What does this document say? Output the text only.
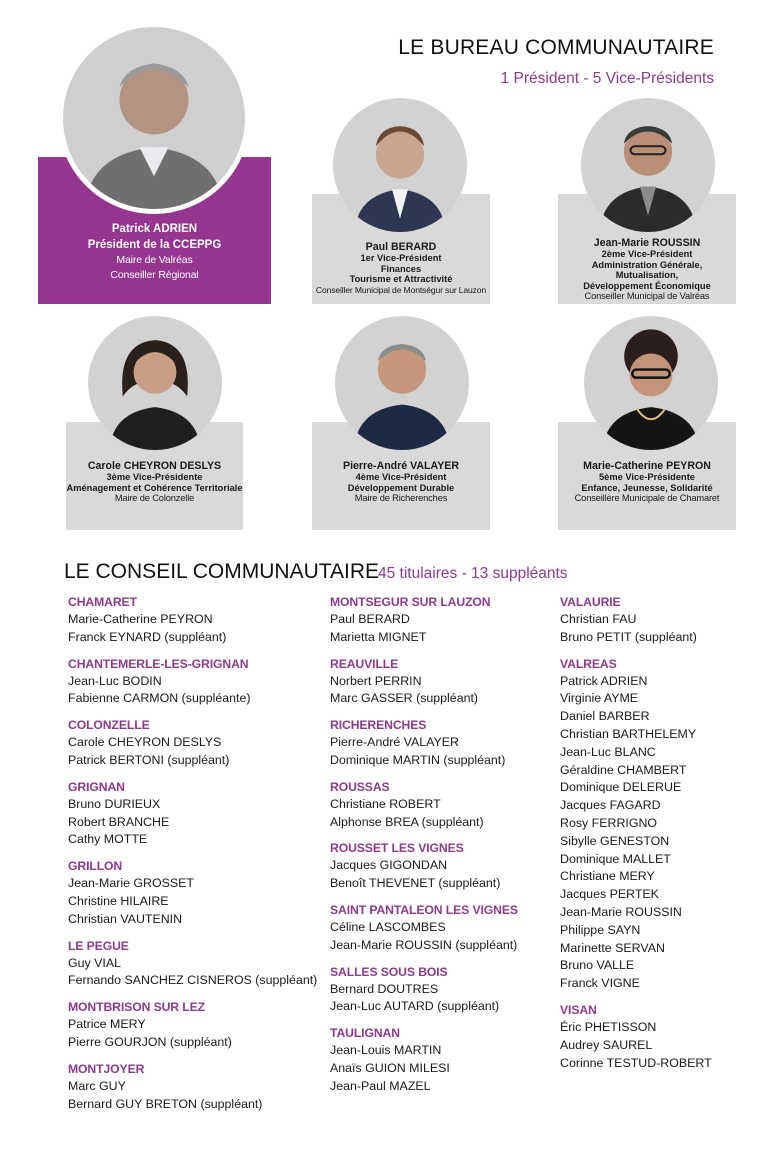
LE BUREAU COMMUNAUTAIRE
1 Président - 5 Vice-Présidents
Patrick ADRIEN
Président de la CCEPPG
Maire de Valréas
Conseiller Régional
Paul BERARD
1er Vice-Président
Finances
Tourisme et Attractivité
Conseiller Municipal de Montségur sur Lauzon
Jean-Marie ROUSSIN
2ème Vice-Président
Administration Générale,
Mutualisation,
Développement Économique
Conseiller Municipal de Valréas
Carole CHEYRON DESLYS
3ème Vice-Présidente
Aménagement et Cohérence Territoriale
Maire de Colonzelle
Pierre-André VALAYER
4ème Vice-Président
Développement Durable
Maire de Richerenches
Marie-Catherine PEYRON
5ème Vice-Présidente
Enfance, Jeunesse, Solidarité
Conseillère Municipale de Chamaret
LE CONSEIL COMMUNAUTAIRE
45 titulaires - 13 suppléants
CHAMARET
Marie-Catherine PEYRON
Franck EYNARD (suppléant)
CHANTEMERLE-LES-GRIGNAN
Jean-Luc BODIN
Fabienne CARMON (suppléante)
COLONZELLE
Carole CHEYRON DESLYS
Patrick BERTONI (suppléant)
GRIGNAN
Bruno DURIEUX
Robert BRANCHE
Cathy MOTTE
GRILLON
Jean-Marie GROSSET
Christine HILAIRE
Christian VAUTENIN
LE PEGUE
Guy VIAL
Fernando SANCHEZ CISNEROS (suppléant)
MONTBRISON SUR LEZ
Patrice MERY
Pierre GOURJON (suppléant)
MONTJOYER
Marc GUY
Bernard GUY BRETON (suppléant)
MONTSEGUR SUR LAUZON
Paul BERARD
Marietta MIGNET
REAUVILLE
Norbert PERRIN
Marc GASSER (suppléant)
RICHERENCHES
Pierre-André VALAYER
Dominique MARTIN (suppléant)
ROUSSAS
Christiane ROBERT
Alphonse BREA (suppléant)
ROUSSET LES VIGNES
Jacques GIGONDAN
Benoît THEVENET (suppléant)
SAINT PANTALEON LES VIGNES
Céline LASCOMBES
Jean-Marie ROUSSIN (suppléant)
SALLES SOUS BOIS
Bernard DOUTRES
Jean-Luc AUTARD (suppléant)
TAULIGNAN
Jean-Louis MARTIN
Anaïs GUION MILESI
Jean-Paul MAZEL
VALAURIE
Christian FAU
Bruno PETIT (suppléant)
VALREAS
Patrick ADRIEN
Virginie AYME
Daniel BARBER
Christian BARTHELEMY
Jean-Luc BLANC
Géraldine CHAMBERT
Dominique DELERUE
Jacques FAGARD
Rosy FERRIGNO
Sibylle GENESTON
Dominique MALLET
Christiane MERY
Jacques PERTEK
Jean-Marie ROUSSIN
Philippe SAYN
Marinette SERVAN
Bruno VALLE
Franck VIGNE
VISAN
Éric PHETISSON
Audrey SAUREL
Corinne TESTUD-ROBERT
